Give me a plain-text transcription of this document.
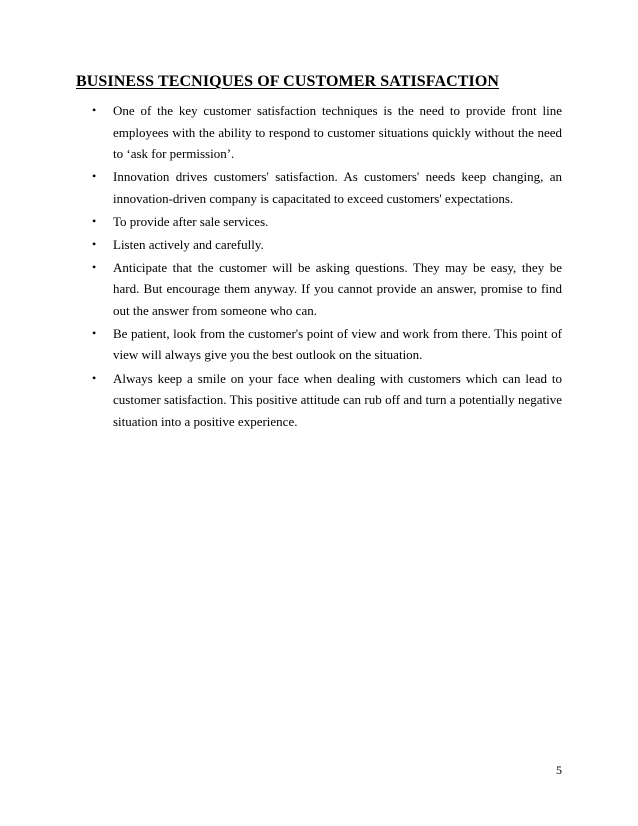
BUSINESS TECNIQUES OF CUSTOMER SATISFACTION
• One of the key customer satisfaction techniques is the need to provide front line employees with the ability to respond to customer situations quickly without the need to ‘ask for permission’.
• Innovation drives customers' satisfaction. As customers' needs keep changing, an innovation-driven company is capacitated to exceed customers' expectations.
• To provide after sale services.
• Listen actively and carefully.
• Anticipate that the customer will be asking questions. They may be easy, they be hard. But encourage them anyway. If you cannot provide an answer, promise to find out the answer from someone who can.
• Be patient, look from the customer's point of view and work from there. This point of view will always give you the best outlook on the situation.
• Always keep a smile on your face when dealing with customers which can lead to customer satisfaction. This positive attitude can rub off and turn a potentially negative situation into a positive experience.
5
